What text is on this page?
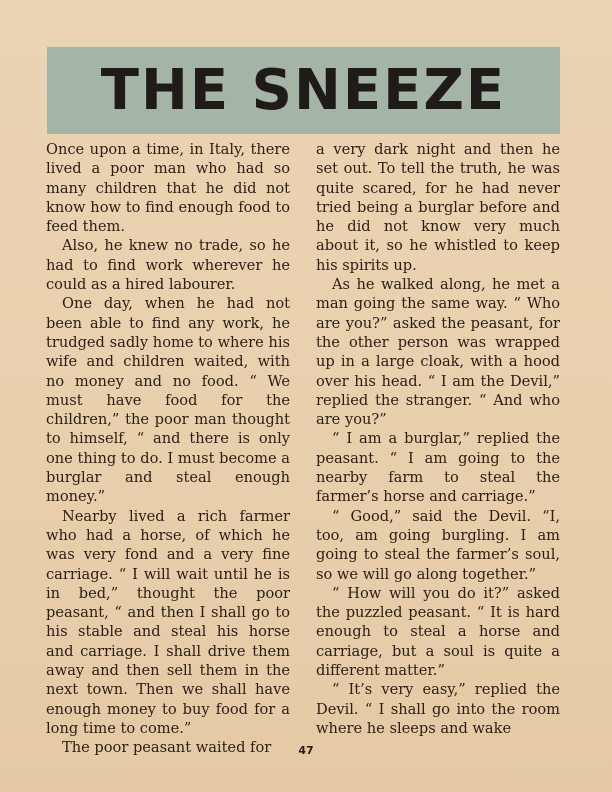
THE SNEEZE

Once upon a time, in Italy, there lived a poor man who had so many children that he did not know how to find enough food to feed them.

Also, he knew no trade, so he had to find work wherever he could as a hired labourer.

One day, when he had not been able to find any work, he trudged sadly home to where his wife and children waited, with no money and no food. “ We must have food for the children,” the poor man thought to himself, “ and there is only one thing to do. I must become a burglar and steal enough money.”

Nearby lived a rich farmer who had a horse, of which he was very fond and a very fine carriage. “ I will wait until he is in bed,” thought the poor peasant, “ and then I shall go to his stable and steal his horse and carriage. I shall drive them away and then sell them in the next town. Then we shall have enough money to buy food for a long time to come.”

The poor peasant waited for

a very dark night and then he set out. To tell the truth, he was quite scared, for he had never tried being a burglar before and he did not know very much about it, so he whistled to keep his spirits up.

As he walked along, he met a man going the same way. “ Who are you?” asked the peasant, for the other person was wrapped up in a large cloak, with a hood over his head. “ I am the Devil,” replied the stranger. “ And who are you?”

“ I am a burglar,” replied the peasant. “ I am going to the nearby farm to steal the farmer’s horse and carriage.”

“ Good,” said the Devil. “I, too, am going burgling. I am going to steal the farmer’s soul, so we will go along together.”

“ How will you do it?” asked the puzzled peasant. “ It is hard enough to steal a horse and carriage, but a soul is quite a different matter.”

“ It’s very easy,” replied the Devil. “ I shall go into the room where he sleeps and wake

47
